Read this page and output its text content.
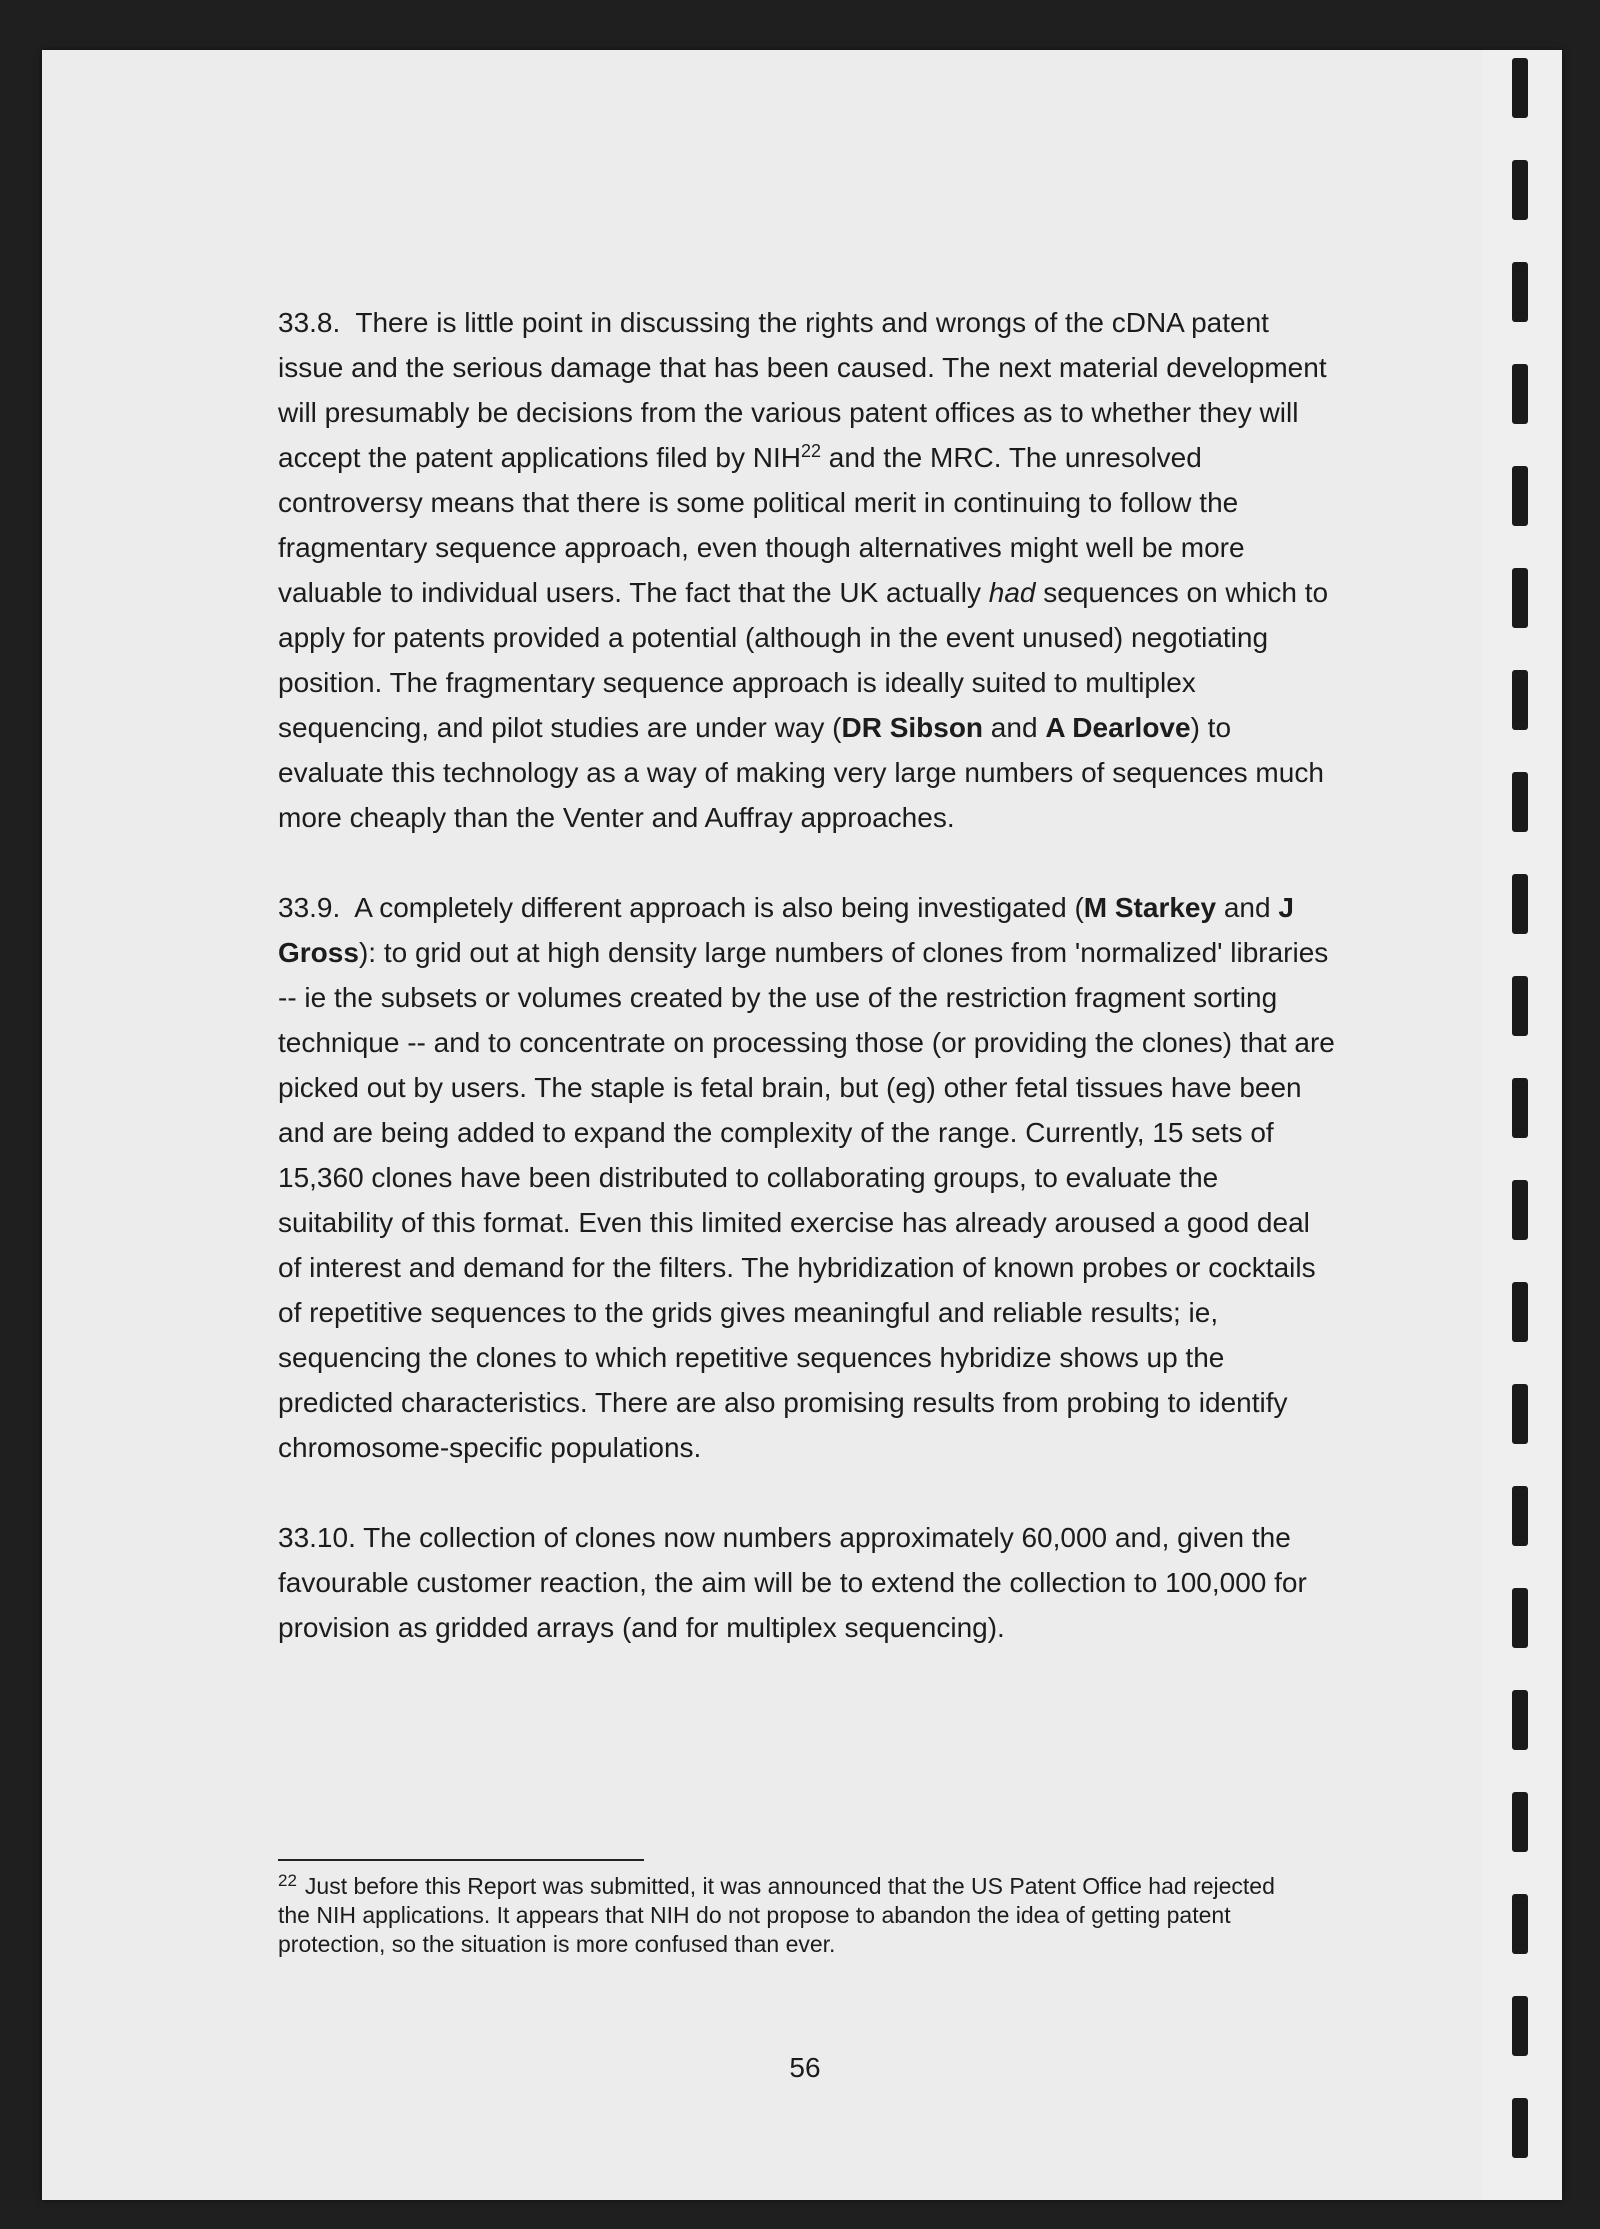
33.8. There is little point in discussing the rights and wrongs of the cDNA patent issue and the serious damage that has been caused. The next material development will presumably be decisions from the various patent offices as to whether they will accept the patent applications filed by NIH$^{22}$ and the MRC. The unresolved controversy means that there is some political merit in continuing to follow the fragmentary sequence approach, even though alternatives might well be more valuable to individual users. The fact that the UK actually had sequences on which to apply for patents provided a potential (although in the event unused) negotiating position. The fragmentary sequence approach is ideally suited to multiplex sequencing, and pilot studies are under way (DR Sibson and A Dearlove) to evaluate this technology as a way of making very large numbers of sequences much more cheaply than the Venter and Auffray approaches.

33.9. A completely different approach is also being investigated (M Starkey and J Gross): to grid out at high density large numbers of clones from 'normalized' libraries -- ie the subsets or volumes created by the use of the restriction fragment sorting technique -- and to concentrate on processing those (or providing the clones) that are picked out by users. The staple is fetal brain, but (eg) other fetal tissues have been and are being added to expand the complexity of the range. Currently, 15 sets of 15,360 clones have been distributed to collaborating groups, to evaluate the suitability of this format. Even this limited exercise has already aroused a good deal of interest and demand for the filters. The hybridization of known probes or cocktails of repetitive sequences to the grids gives meaningful and reliable results; ie, sequencing the clones to which repetitive sequences hybridize shows up the predicted characteristics. There are also promising results from probing to identify chromosome-specific populations.

33.10. The collection of clones now numbers approximately 60,000 and, given the favourable customer reaction, the aim will be to extend the collection to 100,000 for provision as gridded arrays (and for multiplex sequencing).

$^{22}$ Just before this Report was submitted, it was announced that the US Patent Office had rejected the NIH applications. It appears that NIH do not propose to abandon the idea of getting patent protection, so the situation is more confused than ever.
56
